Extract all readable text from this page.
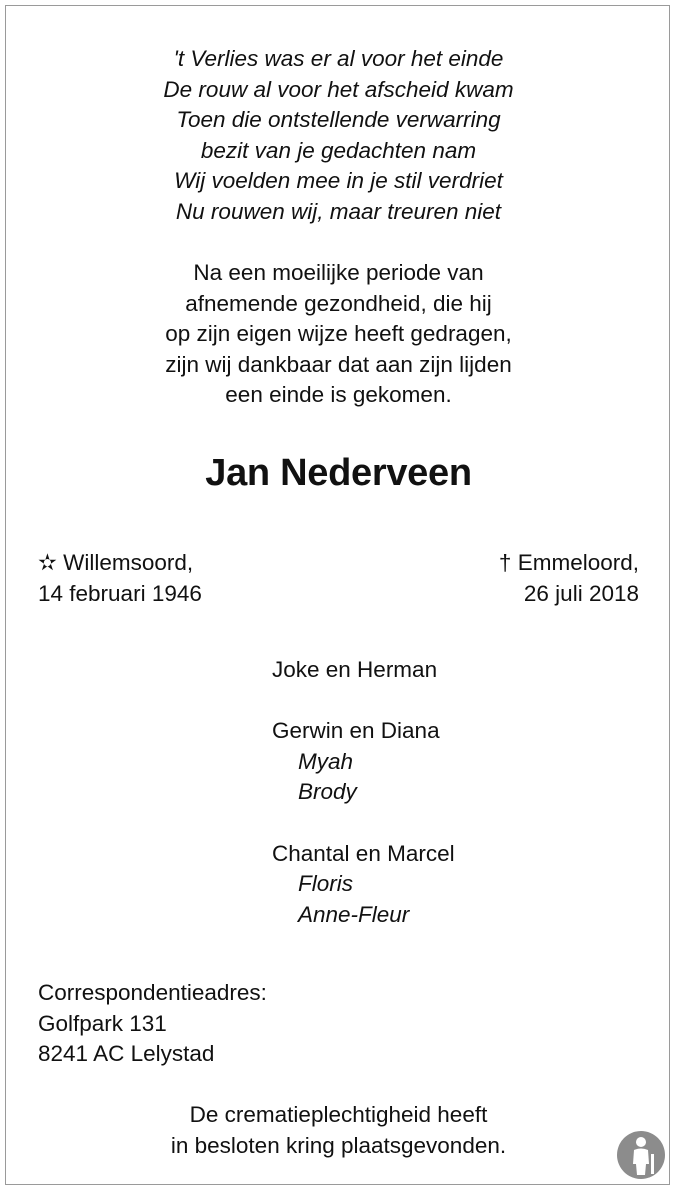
't Verlies was er al voor het einde
De rouw al voor het afscheid kwam
Toen die ontstellende verwarring
bezit van je gedachten nam
Wij voelden mee in je stil verdriet
Nu rouwen wij, maar treuren niet
Na een moeilijke periode van
afnemende gezondheid, die hij
op zijn eigen wijze heeft gedragen,
zijn wij dankbaar dat aan zijn lijden
een einde is gekomen.
Jan Nederveen
✫ Willemsoord,
14 februari 1946
† Emmeloord,
26 juli 2018
Joke en Herman
Gerwin en Diana
Myah
Brody
Chantal en Marcel
Floris
Anne-Fleur
Correspondentieadres:
Golfpark 131
8241 AC Lelystad
De crematieplechtigheid heeft
in besloten kring plaatsgevonden.
